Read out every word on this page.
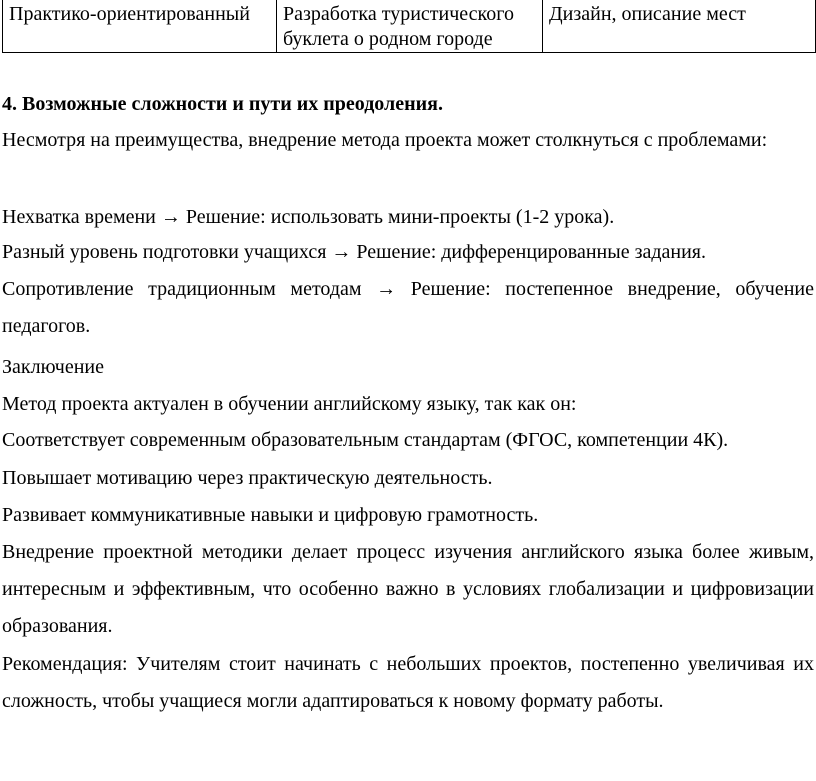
Практико-ориентированный	Разработка туристического буклета о родном городе	Дизайн, описание мест

4. Возможные сложности и пути их преодоления.

Несмотря на преимущества, внедрение метода проекта может столкнуться с проблемами:

Нехватка времени → Решение: использовать мини-проекты (1-2 урока).

Разный уровень подготовки учащихся → Решение: дифференцированные задания.

Сопротивление традиционным методам → Решение: постепенное внедрение, обучение педагогов.

Заключение

Метод проекта актуален в обучении английскому языку, так как он:

Соответствует современным образовательным стандартам (ФГОС, компетенции 4К).

Повышает мотивацию через практическую деятельность.

Развивает коммуникативные навыки и цифровую грамотность.

Внедрение проектной методики делает процесс изучения английского языка более живым, интересным и эффективным, что особенно важно в условиях глобализации и цифровизации образования.

Рекомендация: Учителям стоит начинать с небольших проектов, постепенно увеличивая их сложность, чтобы учащиеся могли адаптироваться к новому формату работы.
